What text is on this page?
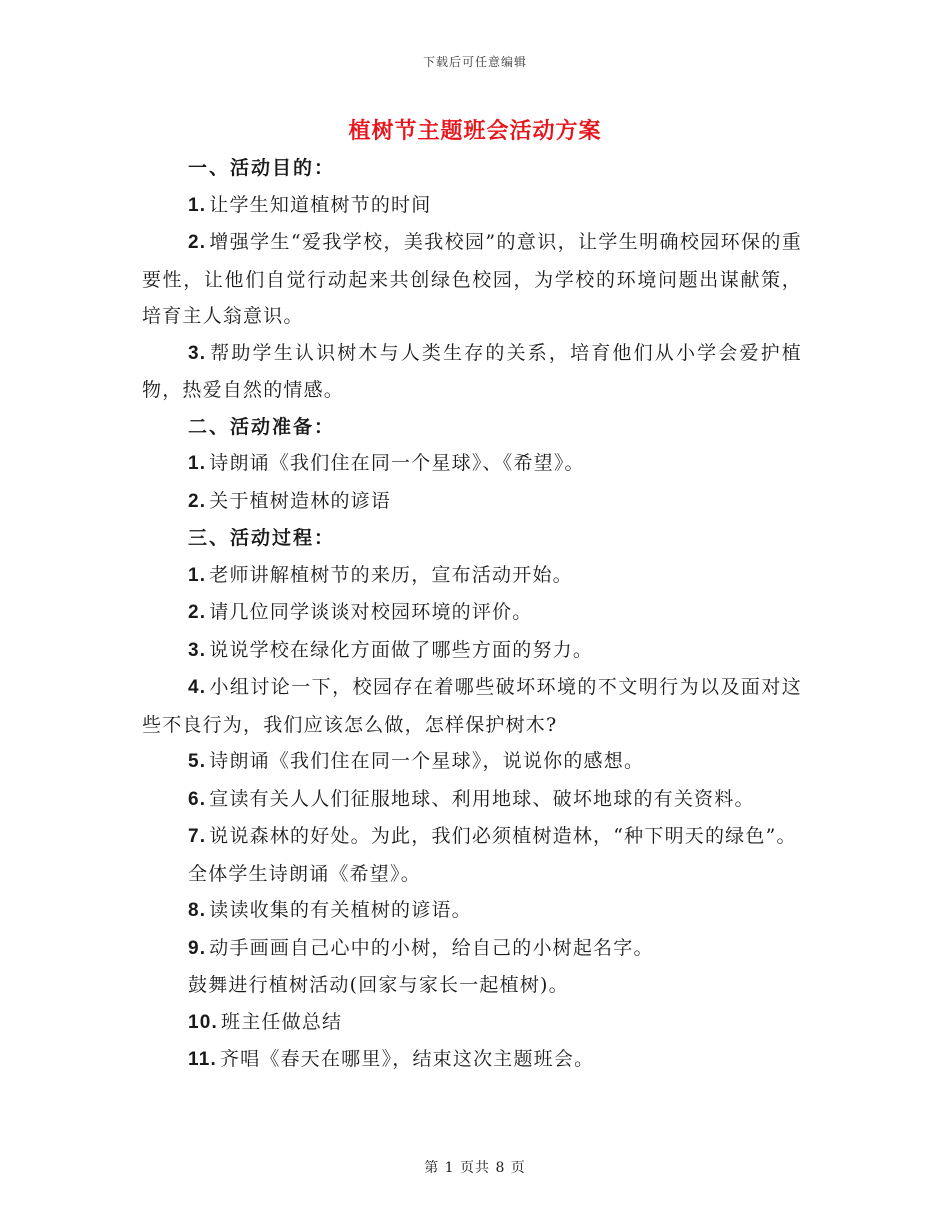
下载后可任意编辑
植树节主题班会活动方案

一、活动目的：

1. 让学生知道植树节的时间

2. 增强学生“爱我学校，美我校园”的意识，让学生明确校园环保的重要性，让他们自觉行动起来共创绿色校园，为学校的环境问题出谋献策，培育主人翁意识。

3. 帮助学生认识树木与人类生存的关系，培育他们从小学会爱护植物，热爱自然的情感。

二、活动准备：

1. 诗朗诵《我们住在同一个星球》、《希望》。

2. 关于植树造林的谚语

三、活动过程：

1. 老师讲解植树节的来历，宣布活动开始。

2. 请几位同学谈谈对校园环境的评价。

3. 说说学校在绿化方面做了哪些方面的努力。

4. 小组讨论一下，校园存在着哪些破坏环境的不文明行为以及面对这些不良行为，我们应该怎么做，怎样保护树木?

5. 诗朗诵《我们住在同一个星球》，说说你的感想。

6. 宣读有关人人们征服地球、利用地球、破坏地球的有关资料。

7. 说说森林的好处。为此，我们必须植树造林，“种下明天的绿色”。

全体学生诗朗诵《希望》。

8. 读读收集的有关植树的谚语。

9. 动手画画自己心中的小树，给自己的小树起名字。

鼓舞进行植树活动(回家与家长一起植树)。

10. 班主任做总结

11. 齐唱《春天在哪里》，结束这次主题班会。

第 1 页共 8 页
